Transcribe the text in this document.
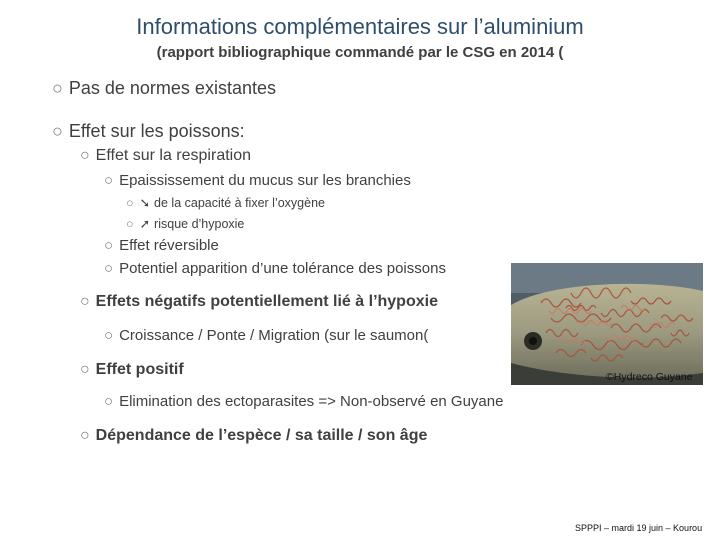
Informations complémentaires sur l’aluminium
(rapport bibliographique commandé par le CSG en 2014 (
○ Pas de normes existantes
○ Effet sur les poissons:
○ Effet sur la respiration
○ Epaississement du mucus sur les branchies
○ ➘ de la capacité à fixer l’oxygène
○ ➚ risque d’hypoxie
○ Effet réversible
○ Potentiel apparition d’une tolérance des poissons
○ Effets négatifs potentiellement lié à l’hypoxie
○ Croissance / Ponte / Migration (sur le saumon(
○ Effet positif
○ Elimination des ectoparasites => Non-observé en Guyane
○ Dépendance de l’espèce / sa taille / son âge
©Hydreco Guyane
SPPPI – mardi 19 juin – Kourou
